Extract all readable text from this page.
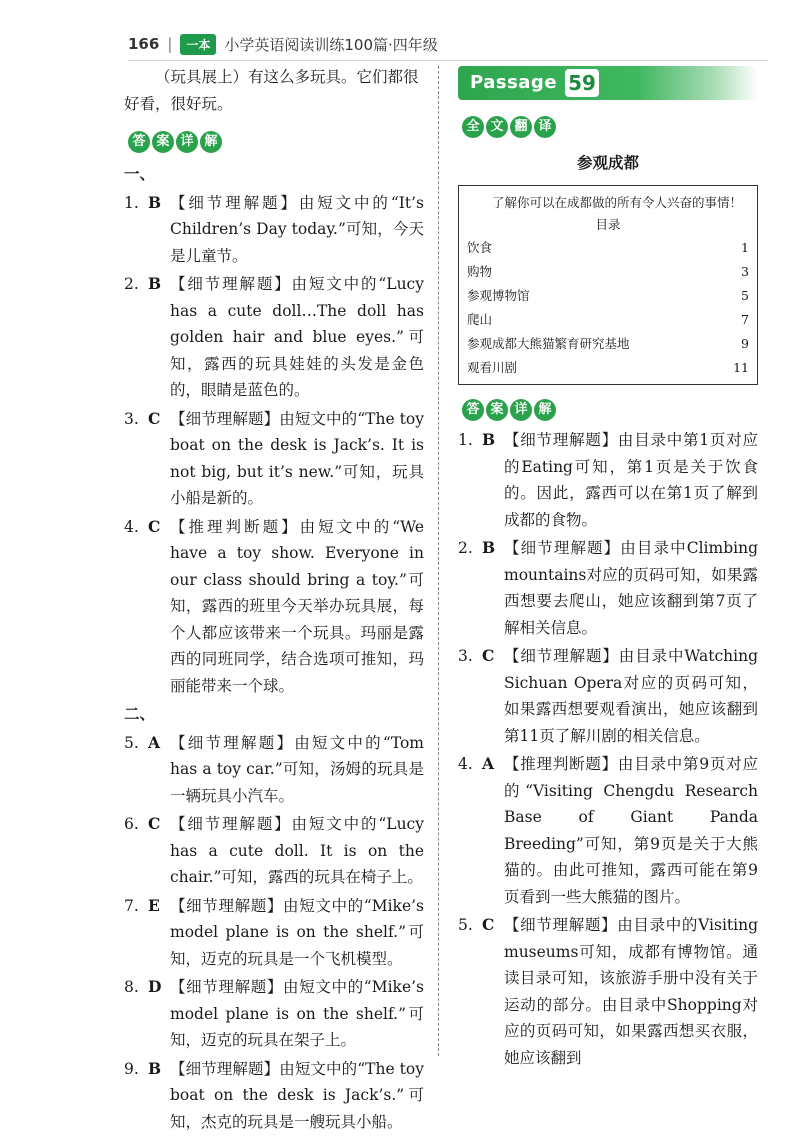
166 |	一本 小学英语阅读训练100篇·四年级

（玩具展上）有这么多玩具。它们都很好看，很好玩。

答 案 详 解
一、
1. B 【细节理解题】由短文中的“It’s Children’s Day today.”可知，今天是儿童节。
2. B 【细节理解题】由短文中的“Lucy has a cute doll…The doll has golden hair and blue eyes.”可知，露西的玩具娃娃的头发是金色的，眼睛是蓝色的。
3. C 【细节理解题】由短文中的“The toy boat on the desk is Jack’s. It is not big, but it’s new.”可知，玩具小船是新的。
4. C 【推理判断题】由短文中的“We have a toy show. Everyone in our class should bring a toy.”可知，露西的班里今天举办玩具展，每个人都应该带来一个玩具。玛丽是露西的同班同学，结合选项可推知，玛丽能带来一个球。
二、
5. A 【细节理解题】由短文中的“Tom has a toy car.”可知，汤姆的玩具是一辆玩具小汽车。
6. C 【细节理解题】由短文中的“Lucy has a cute doll. It is on the chair.”可知，露西的玩具在椅子上。
7. E 【细节理解题】由短文中的“Mike’s model plane is on the shelf.”可知，迈克的玩具是一个飞机模型。
8. D 【细节理解题】由短文中的“Mike’s model plane is on the shelf.”可知，迈克的玩具在架子上。
9. B 【细节理解题】由短文中的“The toy boat on the desk is Jack’s.”可知，杰克的玩具是一艘玩具小船。
Passage 59
全 文 翻 译
参观成都
了解你可以在成都做的所有令人兴奋的事情！
目录
饮食	1
购物	3
参观博物馆	5
爬山	7
参观成都大熊猫繁育研究基地	9
观看川剧	11
答 案 详 解
1. B 【细节理解题】由目录中第1页对应的Eating可知，第1页是关于饮食的。因此，露西可以在第1页了解到成都的食物。
2. B 【细节理解题】由目录中Climbing mountains对应的页码可知，如果露西想要去爬山，她应该翻到第7页了解相关信息。
3. C 【细节理解题】由目录中Watching Sichuan Opera对应的页码可知，如果露西想要观看演出，她应该翻到第11页了解川剧的相关信息。
4. A 【推理判断题】由目录中第9页对应的“Visiting Chengdu Research Base of Giant Panda Breeding”可知，第9页是关于大熊猫的。由此可推知，露西可能在第9页看到一些大熊猫的图片。
5. C 【细节理解题】由目录中的Visiting museums可知，成都有博物馆。通读目录可知，该旅游手册中没有关于运动的部分。由目录中Shopping对应的页码可知，如果露西想买衣服，她应该翻到
